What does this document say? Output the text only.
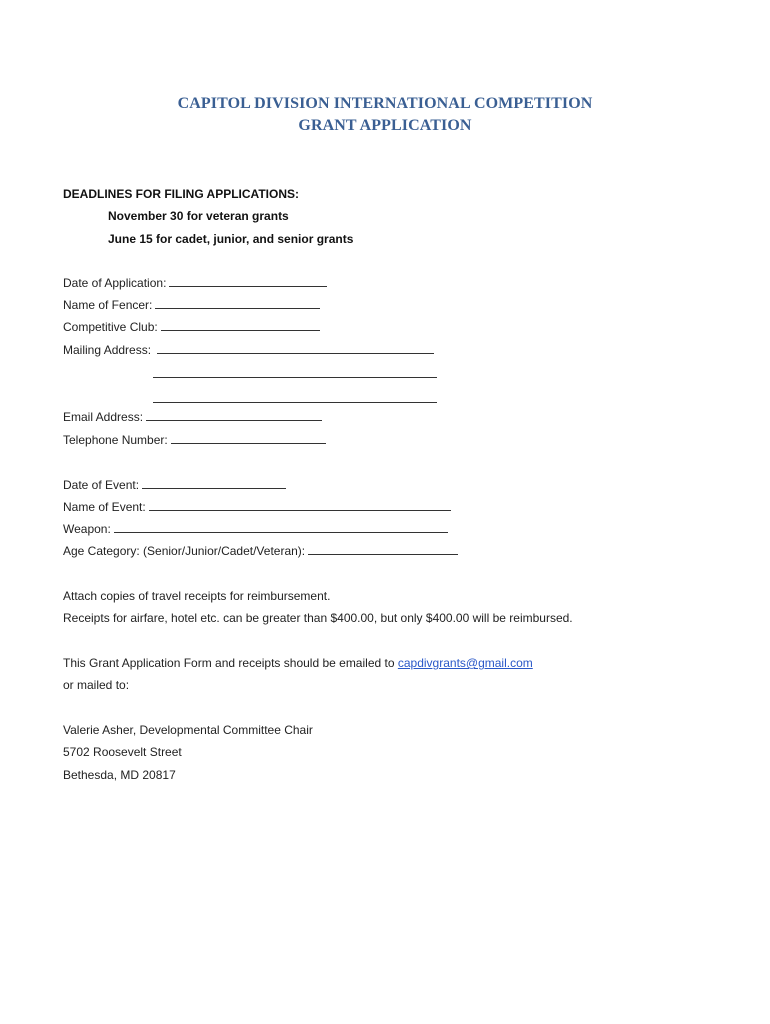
CAPITOL DIVISION INTERNATIONAL COMPETITION
GRANT APPLICATION
DEADLINES FOR FILING APPLICATIONS:
November 30 for veteran grants
June 15 for cadet, junior, and senior grants
Date of Application:
Name of Fencer:
Competitive Club:
Mailing Address:
Email Address:
Telephone Number:
Date of Event:
Name of Event:
Weapon:
Age Category: (Senior/Junior/Cadet/Veteran):
Attach copies of travel receipts for reimbursement.
Receipts for airfare, hotel etc. can be greater than $400.00, but only $400.00 will be reimbursed.
This Grant Application Form and receipts should be emailed to capdivgrants@gmail.com
or mailed to:
Valerie Asher, Developmental Committee Chair
5702 Roosevelt Street
Bethesda, MD 20817
